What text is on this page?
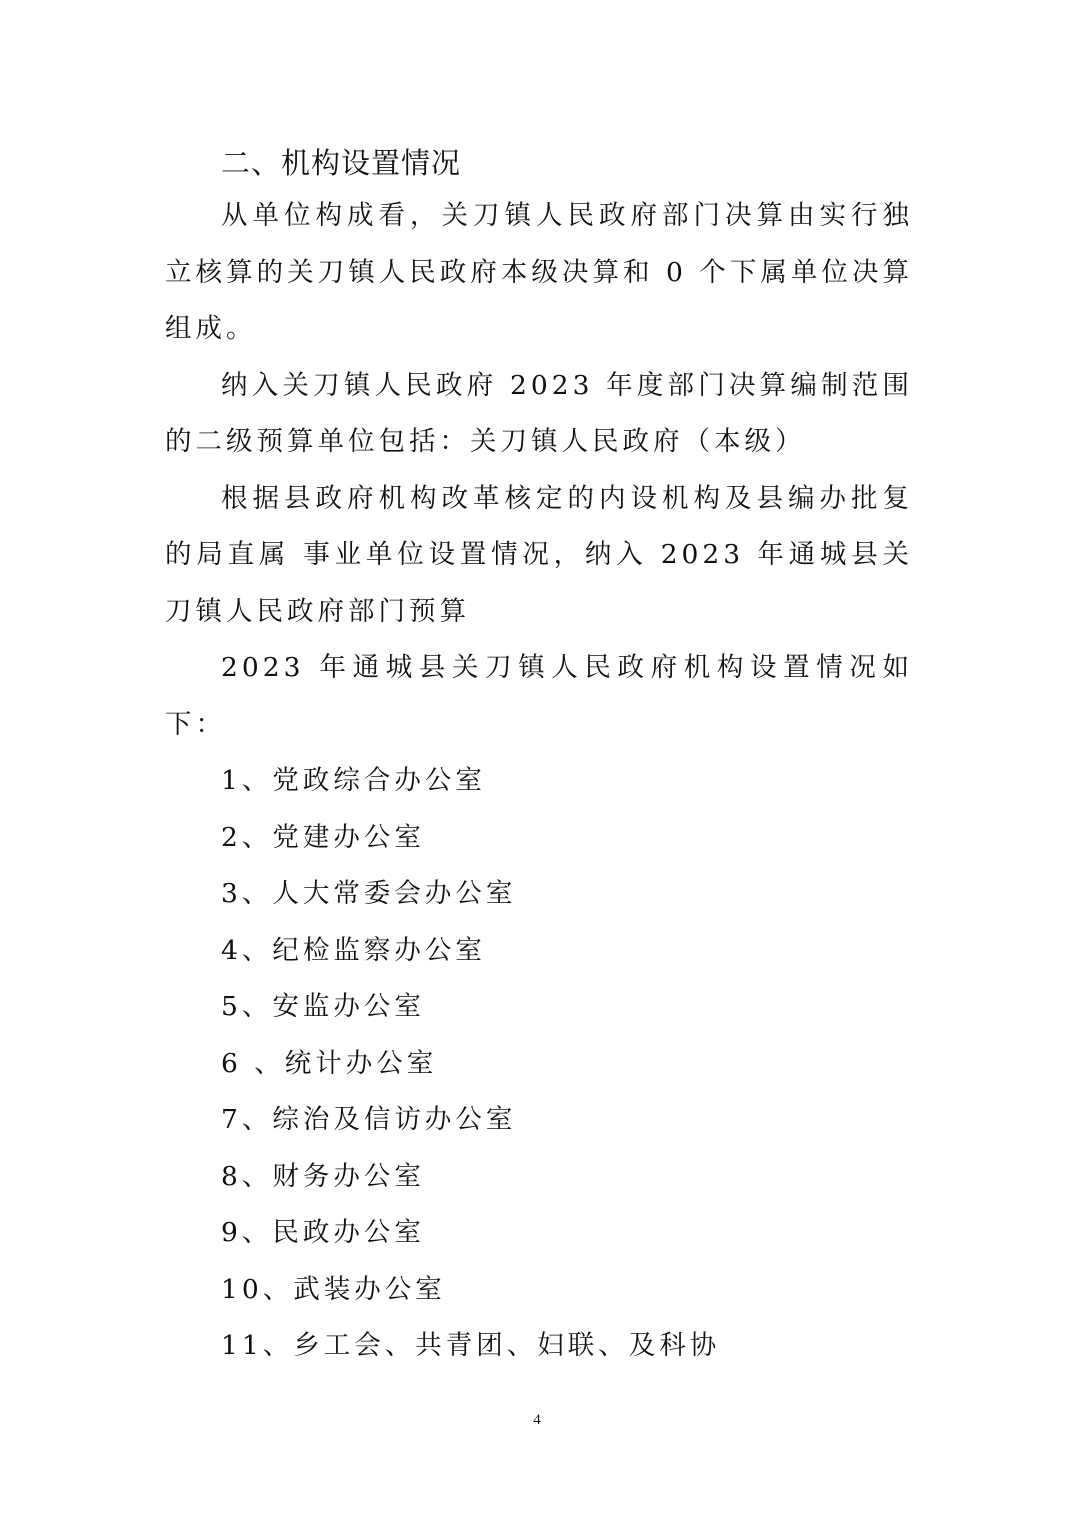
二、机构设置情况

从单位构成看，关刀镇人民政府部门决算由实行独立核算的关刀镇人民政府本级决算和 0 个下属单位决算组成。

纳入关刀镇人民政府 2023 年度部门决算编制范围的二级预算单位包括：关刀镇人民政府（本级）

根据县政府机构改革核定的内设机构及县编办批复的局直属 事业单位设置情况，纳入 2023 年通城县关刀镇人民政府部门预算

2023 年通城县关刀镇人民政府机构设置情况如下：

1、党政综合办公室
2、党建办公室
3、人大常委会办公室
4、纪检监察办公室
5、安监办公室
6 、统计办公室
7、综治及信访办公室
8、财务办公室
9、民政办公室
10、武装办公室
11、乡工会、共青团、妇联、及科协
4
